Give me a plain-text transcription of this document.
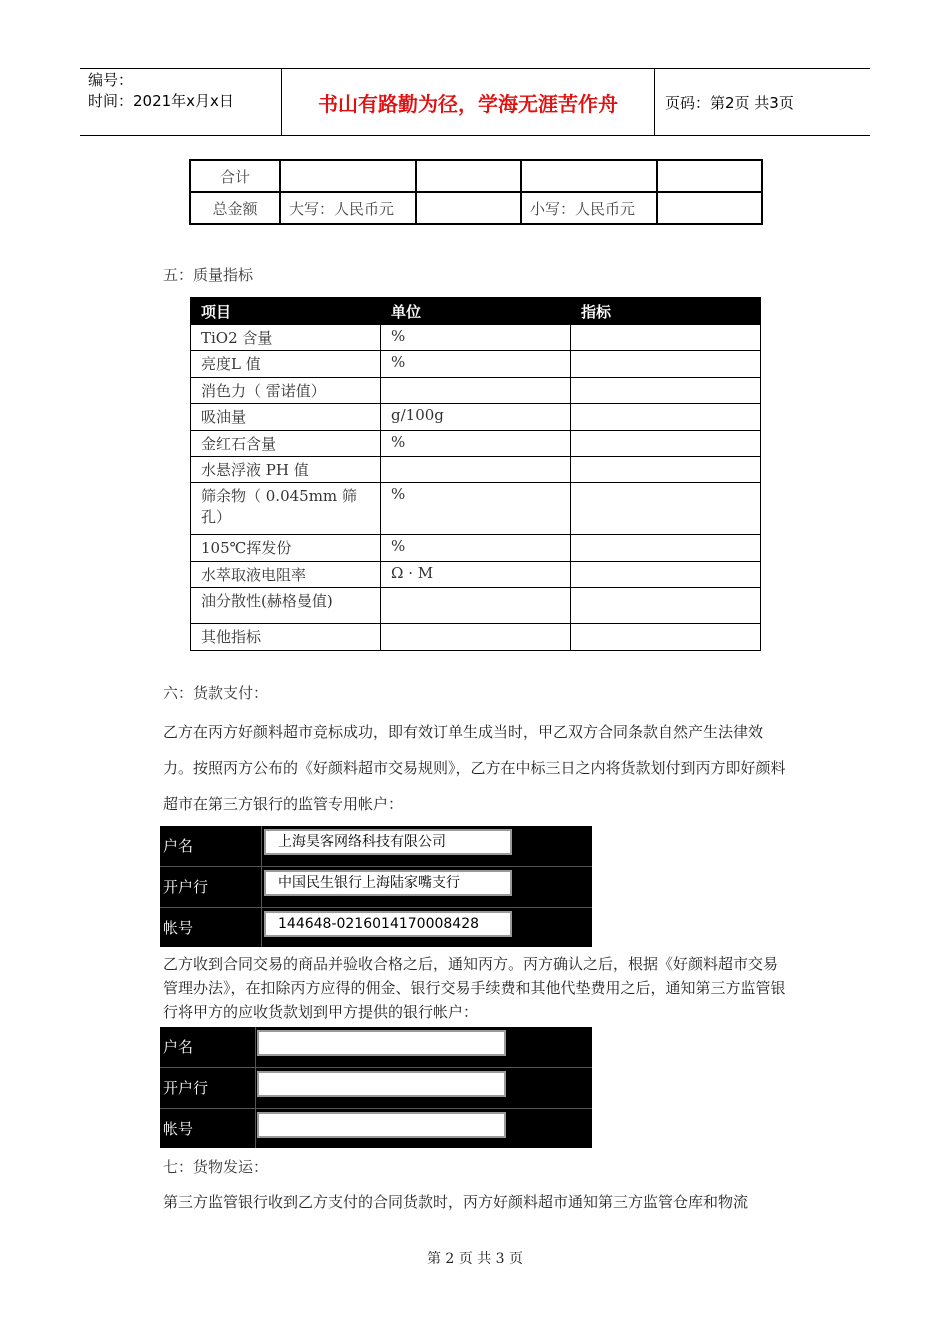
编号：
时间：2021年x月x日	书山有路勤为径，学海无涯苦作舟	页码：第2页 共3页
合计				
总金额	大写：人民币元		小写：人民币元	
五：质量指标
项目	单位	指标
TiO2 含量	%	
亮度L 值	%	
消色力（ 雷诺值）		
吸油量	g/100g	
金红石含量	%	
水悬浮液 PH 值		
筛余物（ 0.045mm 筛孔）	%	
105℃挥发份	%	
水萃取液电阻率	Ω · M	
油分散性(赫格曼值)		
其他指标		
六：货款支付：
乙方在丙方好颜料超市竞标成功，即有效订单生成当时，甲乙双方合同条款自然产生法律效力。按照丙方公布的《好颜料超市交易规则》，乙方在中标三日之内将货款划付到丙方即好颜料超市在第三方银行的监管专用帐户：
户名	上海昊客网络科技有限公司
开户行	中国民生银行上海陆家嘴支行
帐号	144648-0216014170008428
乙方收到合同交易的商品并验收合格之后，通知丙方。丙方确认之后，根据《好颜料超市交易管理办法》，在扣除丙方应得的佣金、银行交易手续费和其他代垫费用之后，通知第三方监管银行将甲方的应收货款划到甲方提供的银行帐户：
户名
开户行
帐号
七：货物发运：
第三方监管银行收到乙方支付的合同货款时，丙方好颜料超市通知第三方监管仓库和物流
第 2 页 共 3 页
